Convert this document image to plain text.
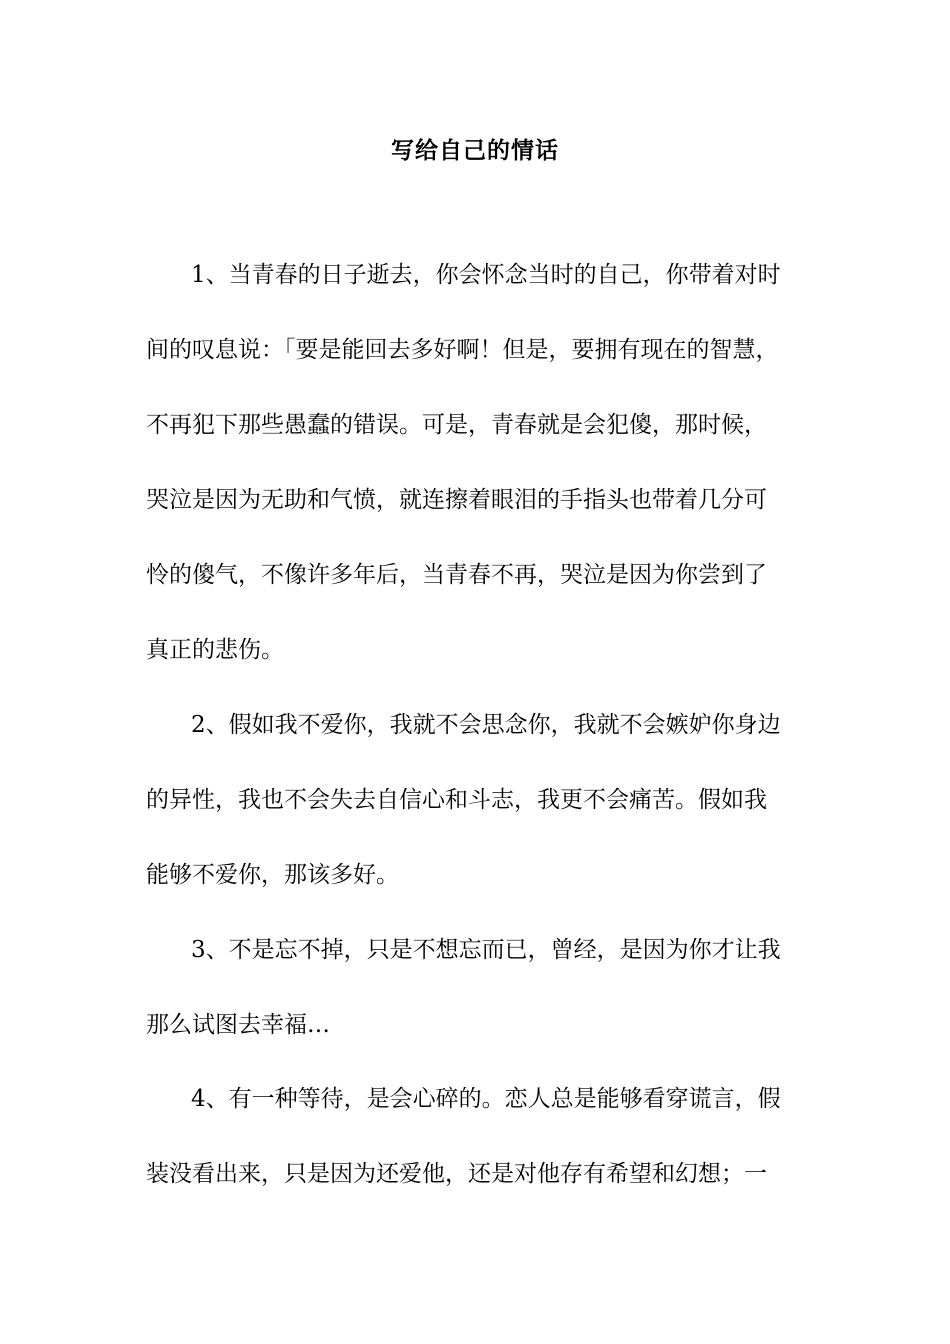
写给自己的情话
1、当青春的日子逝去，你会怀念当时的自己，你带着对时
间的叹息说：「要是能回去多好啊！但是，要拥有现在的智慧，
不再犯下那些愚蠢的错误。可是，青春就是会犯傻，那时候，
哭泣是因为无助和气愤，就连擦着眼泪的手指头也带着几分可
怜的傻气，不像许多年后，当青春不再，哭泣是因为你尝到了
真正的悲伤。
2、假如我不爱你，我就不会思念你，我就不会嫉妒你身边
的异性，我也不会失去自信心和斗志，我更不会痛苦。假如我
能够不爱你，那该多好。
3、不是忘不掉，只是不想忘而已，曾经，是因为你才让我
那么试图去幸福…
4、有一种等待，是会心碎的。恋人总是能够看穿谎言，假
装没看出来，只是因为还爱他，还是对他存有希望和幻想；一
